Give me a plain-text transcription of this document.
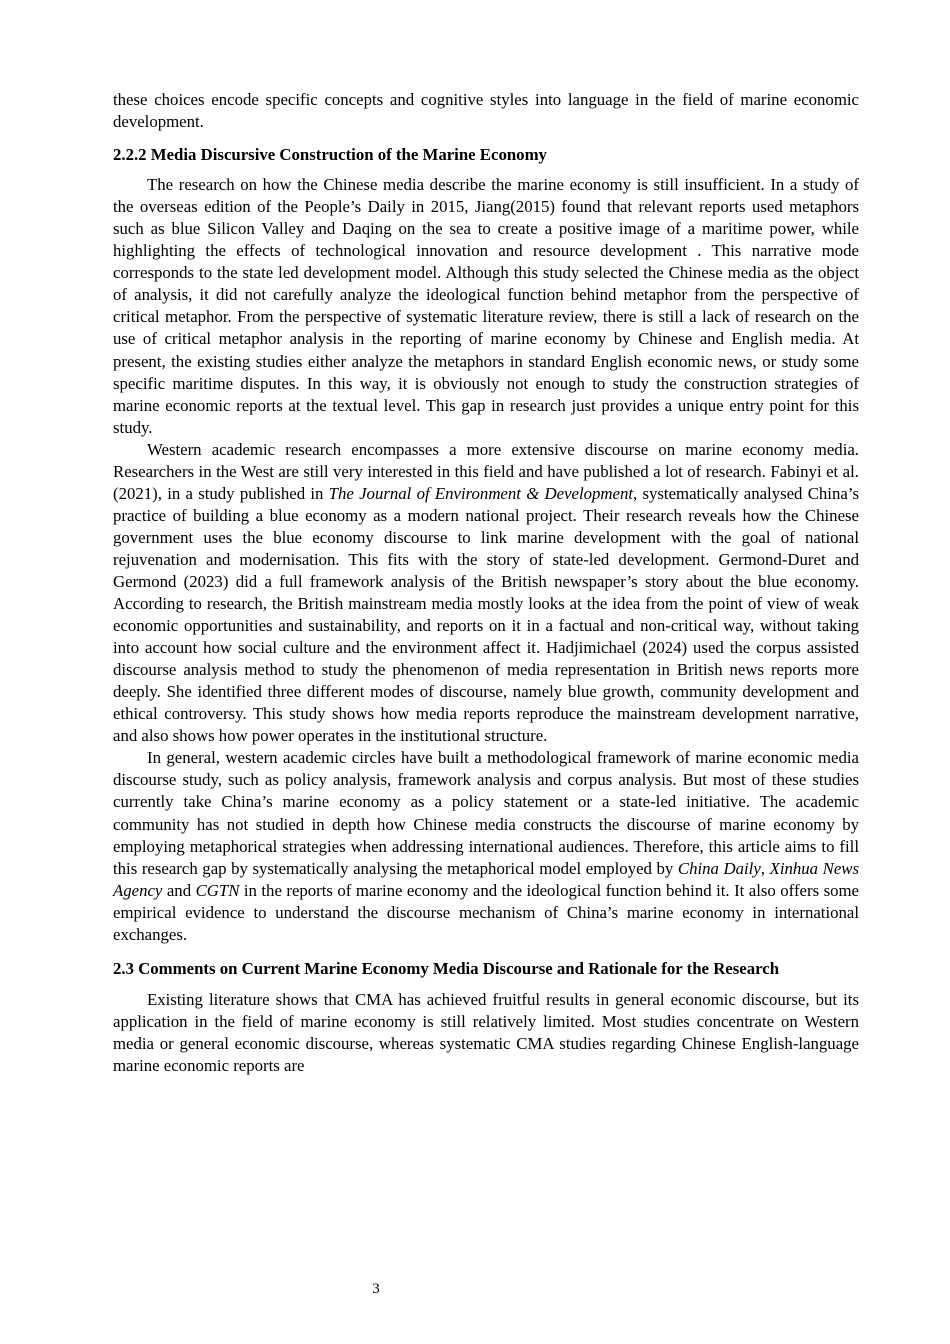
these choices encode specific concepts and cognitive styles into language in the field of marine economic development.

2.2.2 Media Discursive Construction of the Marine Economy

The research on how the Chinese media describe the marine economy is still insufficient. In a study of the overseas edition of the People’s Daily in 2015, Jiang(2015) found that relevant reports used metaphors such as blue Silicon Valley and Daqing on the sea to create a positive image of a maritime power, while highlighting the effects of technological innovation and resource development . This narrative mode corresponds to the state led development model. Although this study selected the Chinese media as the object of analysis, it did not carefully analyze the ideological function behind metaphor from the perspective of critical metaphor. From the perspective of systematic literature review, there is still a lack of research on the use of critical metaphor analysis in the reporting of marine economy by Chinese and English media. At present, the existing studies either analyze the metaphors in standard English economic news, or study some specific maritime disputes. In this way, it is obviously not enough to study the construction strategies of marine economic reports at the textual level. This gap in research just provides a unique entry point for this study.

Western academic research encompasses a more extensive discourse on marine economy media. Researchers in the West are still very interested in this field and have published a lot of research. Fabinyi et al. (2021), in a study published in The Journal of Environment & Development, systematically analysed China’s practice of building a blue economy as a modern national project. Their research reveals how the Chinese government uses the blue economy discourse to link marine development with the goal of national rejuvenation and modernisation. This fits with the story of state-led development. Germond-Duret and Germond (2023) did a full framework analysis of the British newspaper’s story about the blue economy. According to research, the British mainstream media mostly looks at the idea from the point of view of weak economic opportunities and sustainability, and reports on it in a factual and non-critical way, without taking into account how social culture and the environment affect it. Hadjimichael (2024) used the corpus assisted discourse analysis method to study the phenomenon of media representation in British news reports more deeply. She identified three different modes of discourse, namely blue growth, community development and ethical controversy. This study shows how media reports reproduce the mainstream development narrative, and also shows how power operates in the institutional structure.

In general, western academic circles have built a methodological framework of marine economic media discourse study, such as policy analysis, framework analysis and corpus analysis. But most of these studies currently take China’s marine economy as a policy statement or a state-led initiative. The academic community has not studied in depth how Chinese media constructs the discourse of marine economy by employing metaphorical strategies when addressing international audiences. Therefore, this article aims to fill this research gap by systematically analysing the metaphorical model employed by China Daily, Xinhua News Agency and CGTN in the reports of marine economy and the ideological function behind it. It also offers some empirical evidence to understand the discourse mechanism of China’s marine economy in international exchanges.

2.3 Comments on Current Marine Economy Media Discourse and Rationale for the Research

Existing literature shows that CMA has achieved fruitful results in general economic discourse, but its application in the field of marine economy is still relatively limited. Most studies concentrate on Western media or general economic discourse, whereas systematic CMA studies regarding Chinese English-language marine economic reports are

3
